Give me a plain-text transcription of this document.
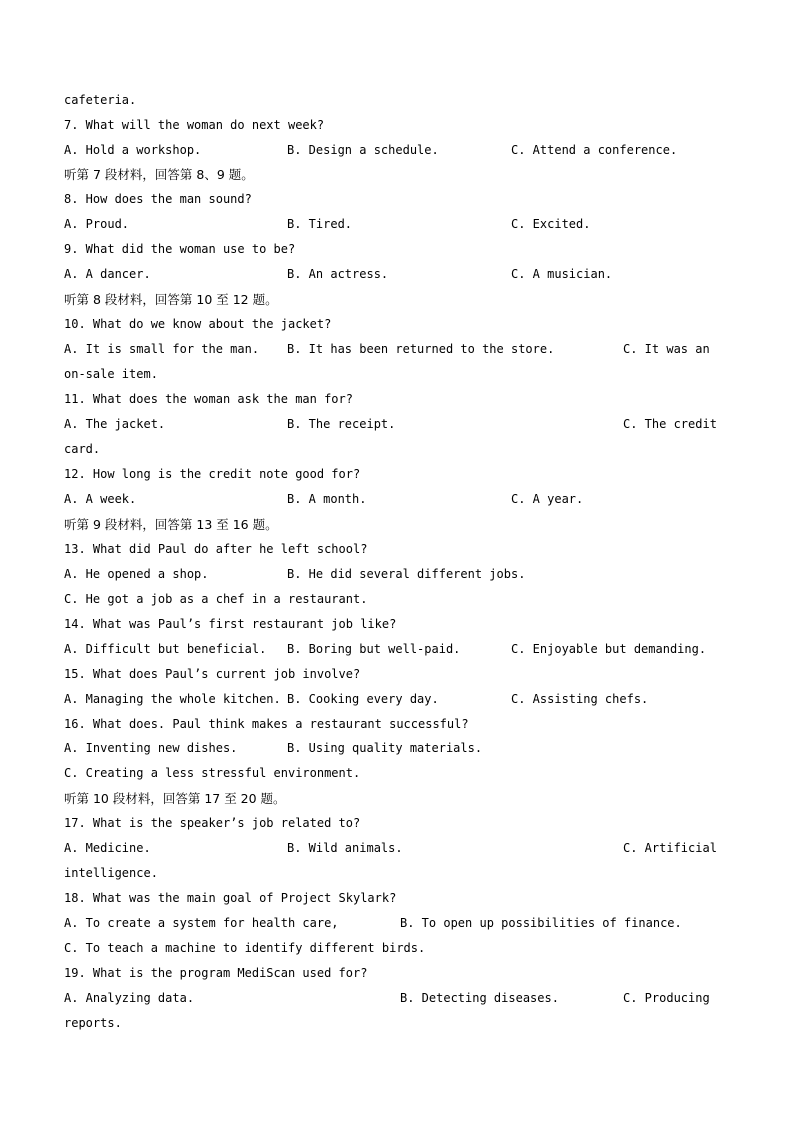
cafeteria.
7. What will the woman do next week?
A. Hold a workshop.	B. Design a schedule.	C. Attend a conference.
听第 7 段材料，回答第 8、9 题。
8. How does the man sound?
A. Proud.	B. Tired.	C. Excited.
9. What did the woman use to be?
A. A dancer.	B. An actress.	C. A musician.
听第 8 段材料，回答第 10 至 12 题。
10. What do we know about the jacket?
A. It is small for the man. B. It has been returned to the store.	C. It was an
on-sale item.
11. What does the woman ask the man for?
A. The jacket.	B. The receipt.	C. The credit
card.
12. How long is the credit note good for?
A. A week.	B. A month.	C. A year.
听第 9 段材料，回答第 13 至 16 题。
13. What did Paul do after he left school?
A. He opened a shop.	B. He did several different jobs.
C. He got a job as a chef in a restaurant.
14. What was Paul’s first restaurant job like?
A. Difficult but beneficial. B. Boring but well-paid.	C. Enjoyable but demanding.
15. What does Paul’s current job involve?
A. Managing the whole kitchen. B. Cooking every day.	C. Assisting chefs.
16. What does. Paul think makes a restaurant successful?
A. Inventing new dishes.	B. Using quality materials.
C. Creating a less stressful environment.
听第 10 段材料，回答第 17 至 20 题。
17. What is the speaker’s job related to?
A. Medicine.	B. Wild animals.	C. Artificial
intelligence.
18. What was the main goal of Project Skylark?
A. To create a system for health care,	B. To open up possibilities of finance.
C. To teach a machine to identify different birds.
19. What is the program MediScan used for?
A. Analyzing data.	B. Detecting diseases.	C. Producing
reports.
